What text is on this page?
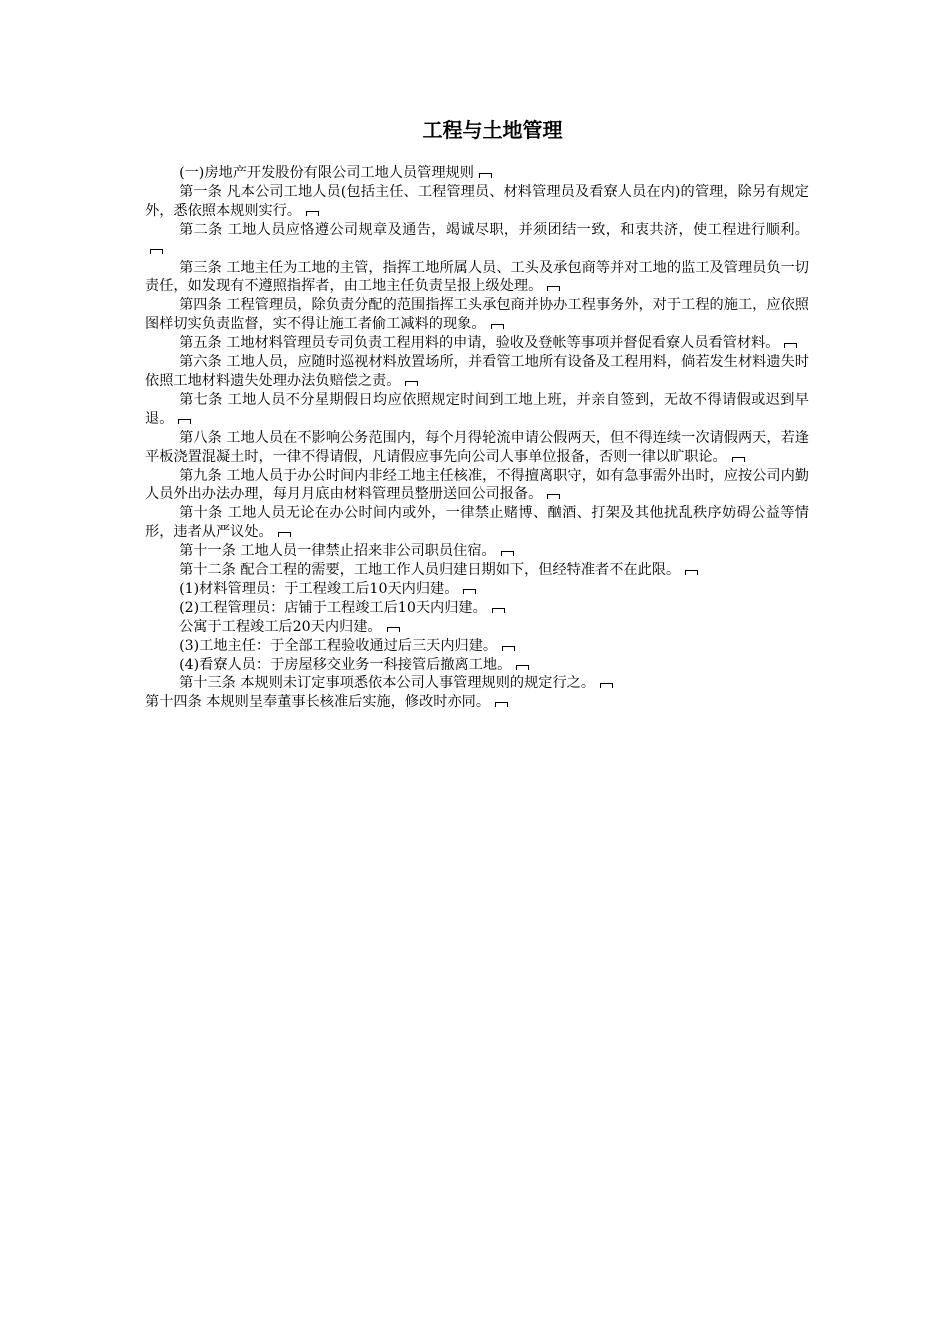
工程与土地管理

(一)房地产开发股份有限公司工地人员管理规则

第一条 凡本公司工地人员(包括主任、工程管理员、材料管理员及看寮人员在内)的管理，除另有规定外，悉依照本规则实行。

第二条 工地人员应恪遵公司规章及通告，竭诚尽职，并须团结一致，和衷共济，使工程进行顺利。

第三条 工地主任为工地的主管，指挥工地所属人员、工头及承包商等并对工地的监工及管理员负一切责任，如发现有不遵照指挥者，由工地主任负责呈报上级处理。

第四条 工程管理员，除负责分配的范围指挥工头承包商并协办工程事务外，对于工程的施工，应依照图样切实负责监督，实不得让施工者偷工减料的现象。

第五条 工地材料管理员专司负责工程用料的申请，验收及登帐等事项并督促看寮人员看管材料。

第六条 工地人员，应随时巡视材料放置场所，并看管工地所有设备及工程用料，倘若发生材料遗失时依照工地材料遗失处理办法负赔偿之责。

第七条 工地人员不分星期假日均应依照规定时间到工地上班，并亲自签到，无故不得请假或迟到早退。

第八条 工地人员在不影响公务范围内，每个月得轮流申请公假两天，但不得连续一次请假两天，若逢平板浇置混凝土时，一律不得请假，凡请假应事先向公司人事单位报备，否则一律以旷职论。

第九条 工地人员于办公时间内非经工地主任核准，不得擅离职守，如有急事需外出时，应按公司内勤人员外出办法办理，每月月底由材料管理员整册送回公司报备。

第十条 工地人员无论在办公时间内或外，一律禁止赌博、酗酒、打架及其他扰乱秩序妨碍公益等情形，违者从严议处。

第十一条 工地人员一律禁止招来非公司职员住宿。

第十二条 配合工程的需要，工地工作人员归建日期如下，但经特准者不在此限。

(1)材料管理员：于工程竣工后10天内归建。

(2)工程管理员：店铺于工程竣工后10天内归建。

公寓于工程竣工后20天内归建。

(3)工地主任：于全部工程验收通过后三天内归建。

(4)看寮人员：于房屋移交业务一科接管后撤离工地。

第十三条 本规则未订定事项悉依本公司人事管理规则的规定行之。

第十四条 本规则呈奉董事长核准后实施，修改时亦同。
